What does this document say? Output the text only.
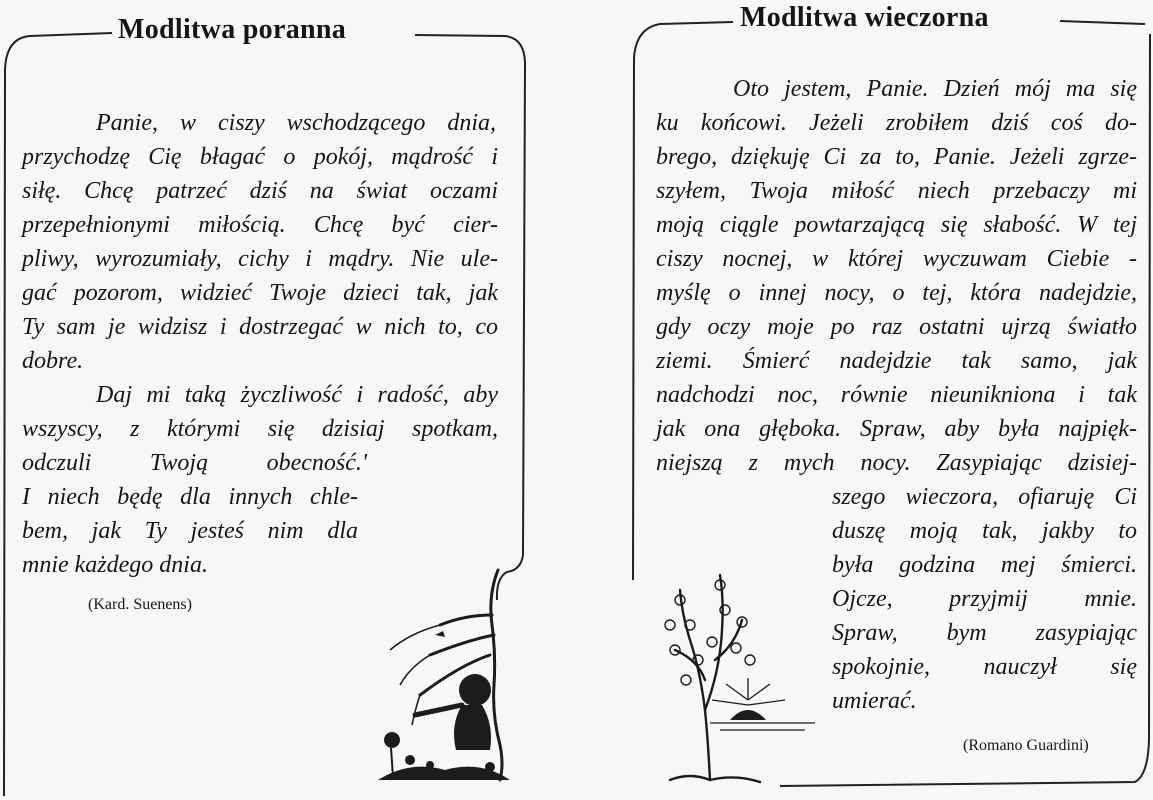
Modlitwa poranna	Modlitwa wieczorna
Panie, w ciszy wschodzącego dnia,
przychodzę Cię błagać o pokój, mądrość i
siłę. Chcę patrzeć dziś na świat oczami
przepełnionymi miłością. Chcę być cier-
pliwy, wyrozumiały, cichy i mądry. Nie ule-
gać pozorom, widzieć Twoje dzieci tak, jak
Ty sam je widzisz i dostrzegać w nich to, co
dobre.
Daj mi taką życzliwość i radość, aby
wszyscy, z którymi się dzisiaj spotkam,
odczuli Twoją obecność.'
I niech będę dla innych chle-
bem, jak Ty jesteś nim dla
mnie każdego dnia.
(Kard. Suenens)
Oto jestem, Panie. Dzień mój ma się
ku końcowi. Jeżeli zrobiłem dziś coś do-
brego, dziękuję Ci za to, Panie. Jeżeli zgrze-
szyłem, Twoja miłość niech przebaczy mi
moją ciągle powtarzającą się słabość. W tej
ciszy nocnej, w której wyczuwam Ciebie -
myślę o innej nocy, o tej, która nadejdzie,
gdy oczy moje po raz ostatni ujrzą światło
ziemi. Śmierć nadejdzie tak samo, jak
nadchodzi noc, równie nieunikniona i tak
jak ona głęboka. Spraw, aby była najpięk-
niejszą z mych nocy. Zasypiając dzisiej-
szego wieczora, ofiaruję Ci
duszę moją tak, jakby to
była godzina mej śmierci.
Ojcze, przyjmij mnie.
Spraw, bym zasypiając
spokojnie, nauczył się
umierać.
(Romano Guardini)
